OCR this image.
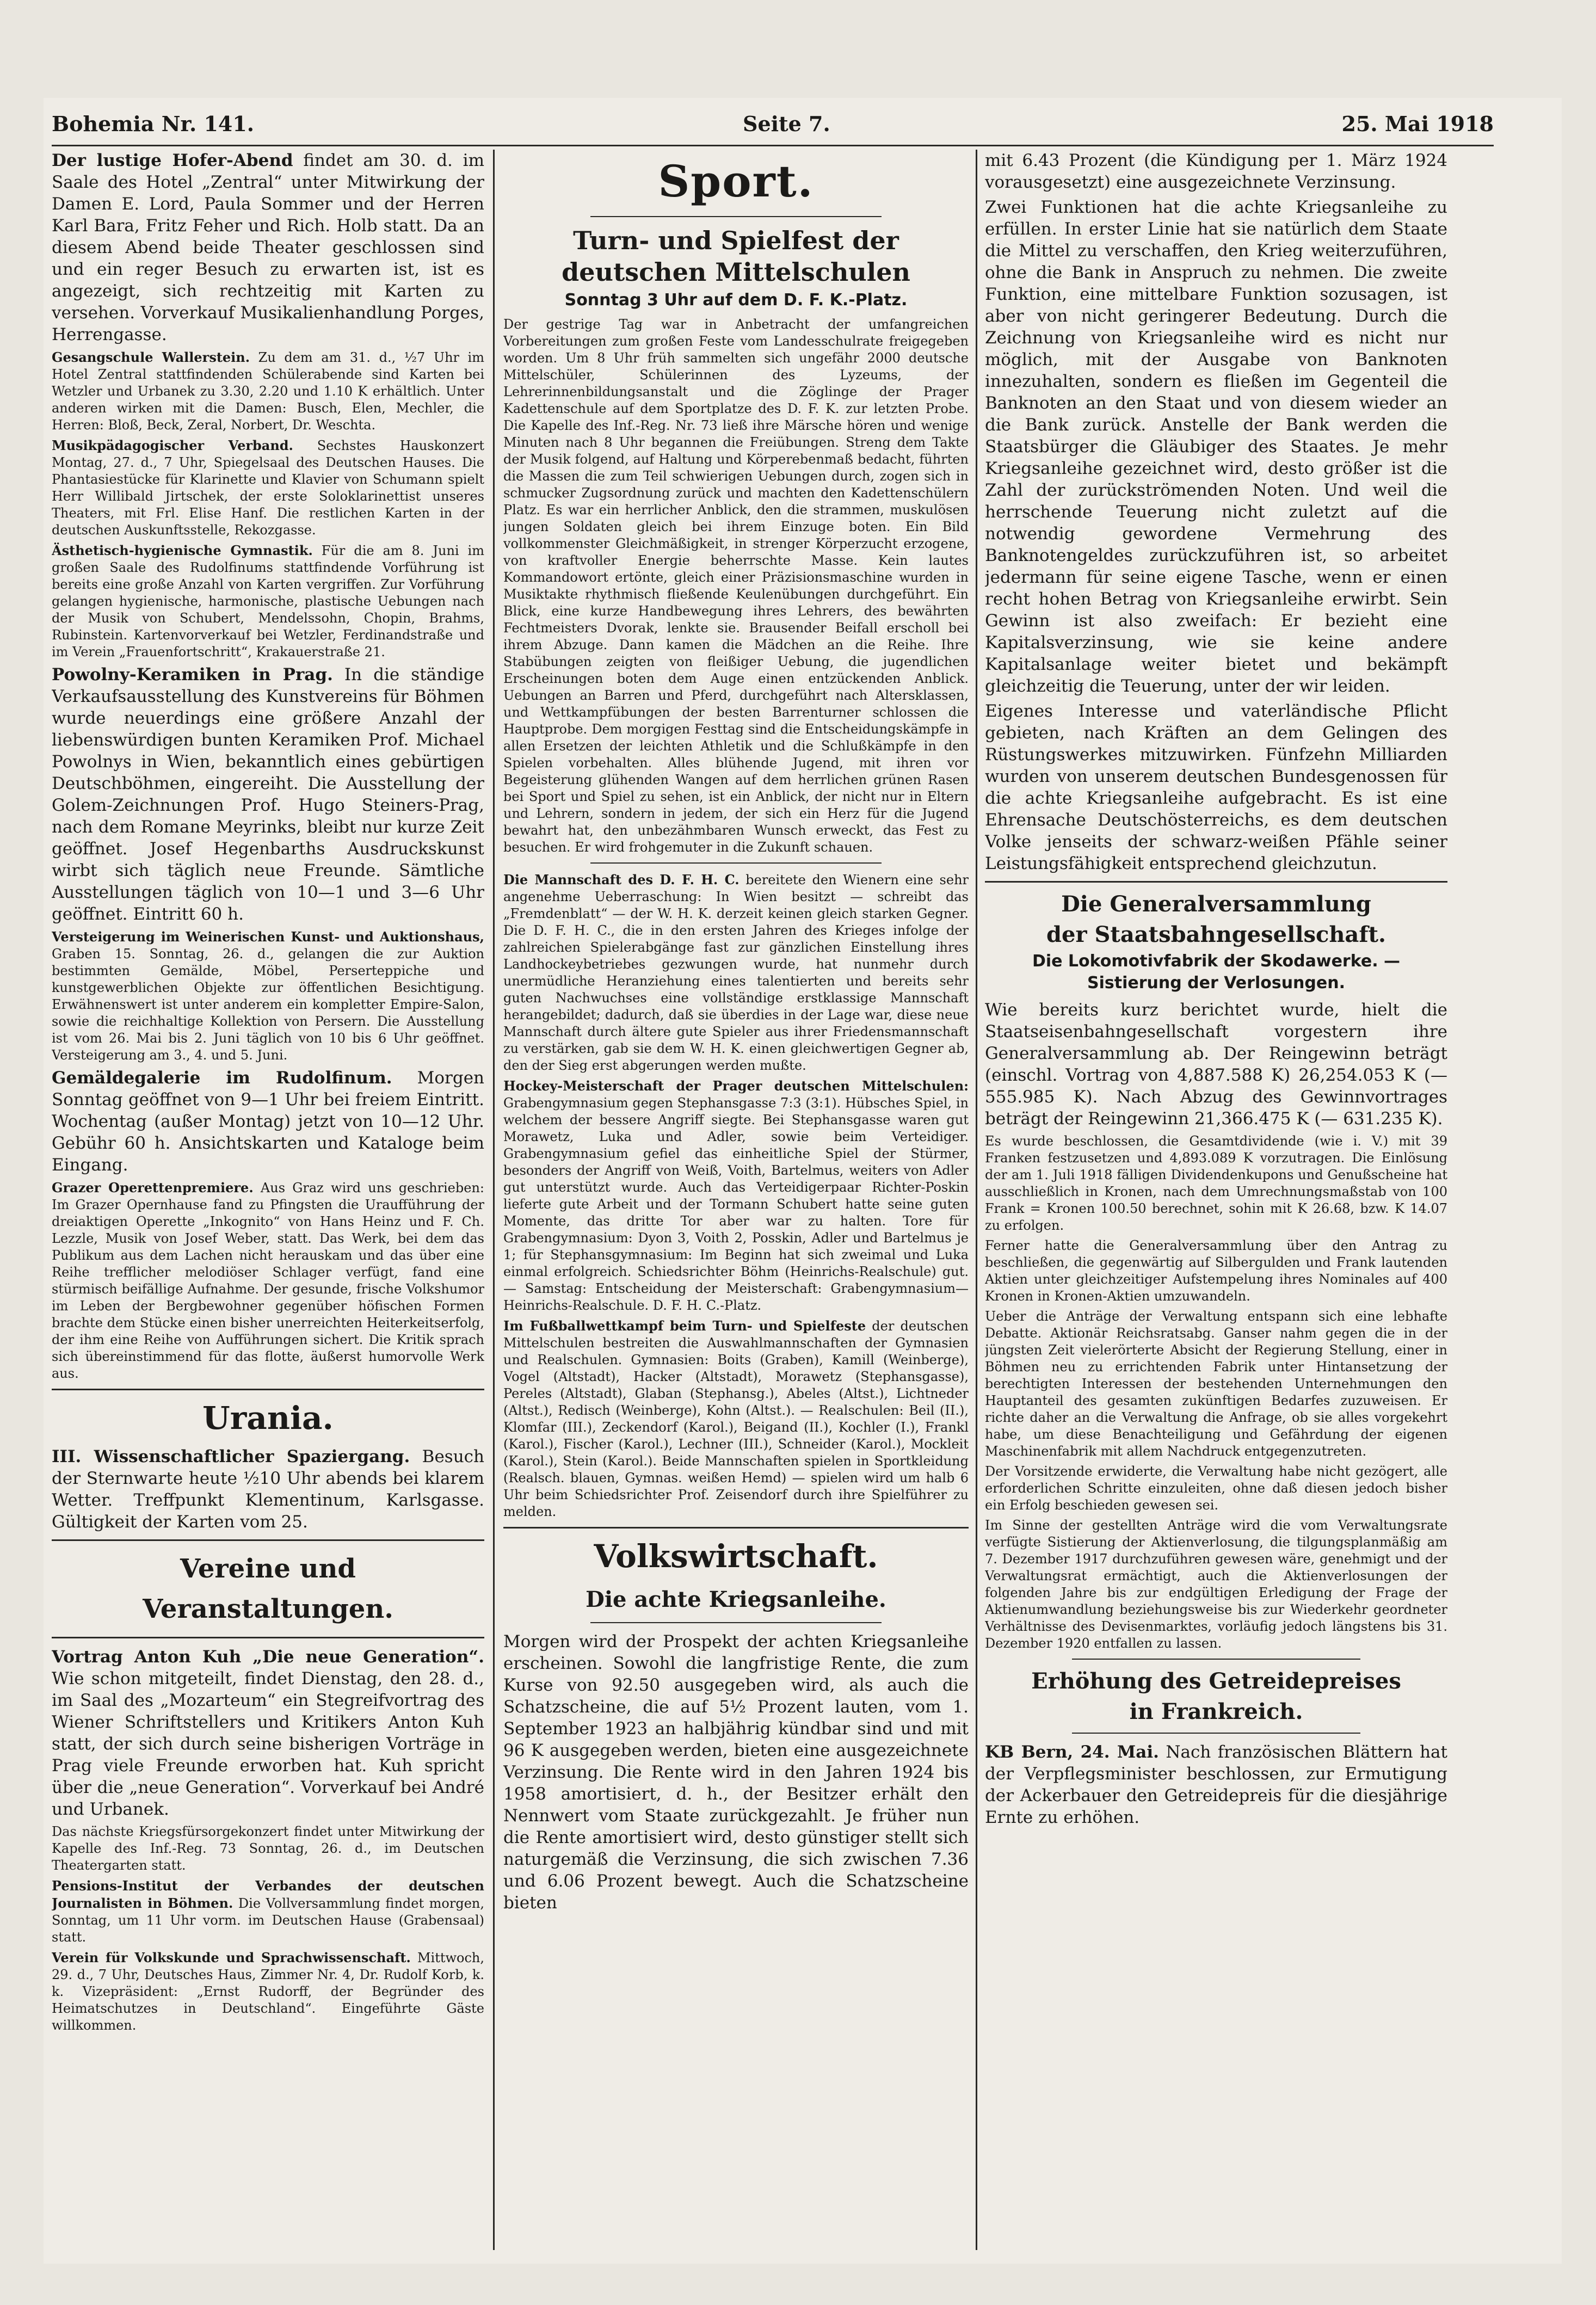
Bohemia Nr. 141.	Seite 7.	25. Mai 1918

Der lustige Hofer-Abend findet am 30. d. im Saale des Hotel „Zentral“ unter Mitwirkung der Damen E. Lord, Paula Sommer und der Herren Karl Bara, Fritz Feher und Rich. Holb statt. Da an diesem Abend beide Theater geschlossen sind und ein reger Besuch zu erwarten ist, ist es angezeigt, sich rechtzeitig mit Karten zu versehen. Vorverkauf Musikalienhandlung Porges, Herrengasse.

Gesangschule Wallerstein. Zu dem am 31. d., ½7 Uhr im Hotel Zentral stattfindenden Schülerabende sind Karten bei Wetzler und Urbanek zu 3.30, 2.20 und 1.10 K erhältlich. Unter anderen wirken mit die Damen: Busch, Elen, Mechler, die Herren: Bloß, Beck, Zeral, Norbert, Dr. Weschta.

Musikpädagogischer Verband. Sechstes Hauskonzert Montag, 27. d., 7 Uhr, Spiegelsaal des Deutschen Hauses. Die Phantasiestücke für Klarinette und Klavier von Schumann spielt Herr Willibald Jirtschek, der erste Soloklarinettist unseres Theaters, mit Frl. Elise Hanf. Die restlichen Karten in der deutschen Auskunftsstelle, Rekozgasse.

Ästhetisch-hygienische Gymnastik. Für die am 8. Juni im großen Saale des Rudolfinums stattfindende Vorführung ist bereits eine große Anzahl von Karten vergriffen. Zur Vorführung gelangen hygienische, harmonische, plastische Uebungen nach der Musik von Schubert, Mendelssohn, Chopin, Brahms, Rubinstein. Kartenvorverkauf bei Wetzler, Ferdinandstraße und im Verein „Frauenfortschritt“, Krakauerstraße 21.

Powolny-Keramiken in Prag. In die ständige Verkaufsausstellung des Kunstvereins für Böhmen wurde neuerdings eine größere Anzahl der liebenswürdigen bunten Keramiken Prof. Michael Powolnys in Wien, bekanntlich eines gebürtigen Deutschböhmen, eingereiht. Die Ausstellung der Golem-Zeichnungen Prof. Hugo Steiners-Prag, nach dem Romane Meyrinks, bleibt nur kurze Zeit geöffnet. Josef Hegenbarths Ausdruckskunst wirbt sich täglich neue Freunde. Sämtliche Ausstellungen täglich von 10—1 und 3—6 Uhr geöffnet. Eintritt 60 h.

Versteigerung im Weinerischen Kunst- und Auktionshaus, Graben 15. Sonntag, 26. d., gelangen die zur Auktion bestimmten Gemälde, Möbel, Perserteppiche und kunstgewerblichen Objekte zur öffentlichen Besichtigung. Erwähnenswert ist unter anderem ein kompletter Empire-Salon, sowie die reichhaltige Kollektion von Persern. Die Ausstellung ist vom 26. Mai bis 2. Juni täglich von 10 bis 6 Uhr geöffnet. Versteigerung am 3., 4. und 5. Juni.

Gemäldegalerie im Rudolfinum. Morgen Sonntag geöffnet von 9—1 Uhr bei freiem Eintritt. Wochentag (außer Montag) jetzt von 10—12 Uhr. Gebühr 60 h. Ansichtskarten und Kataloge beim Eingang.

Grazer Operettenpremiere. Aus Graz wird uns geschrieben: Im Grazer Opernhause fand zu Pfingsten die Uraufführung der dreiaktigen Operette „Inkognito“ von Hans Heinz und F. Ch. Lezzle, Musik von Josef Weber, statt. Das Werk, bei dem das Publikum aus dem Lachen nicht herauskam und das über eine Reihe trefflicher melodiöser Schlager verfügt, fand eine stürmisch beifällige Aufnahme. Der gesunde, frische Volkshumor im Leben der Bergbewohner gegenüber höfischen Formen brachte dem Stücke einen bisher unerreichten Heiterkeitserfolg, der ihm eine Reihe von Aufführungen sichert. Die Kritik sprach sich übereinstimmend für das flotte, äußerst humorvolle Werk aus.

Urania.

III. Wissenschaftlicher Spaziergang. Besuch der Sternwarte heute ½10 Uhr abends bei klarem Wetter. Treffpunkt Klementinum, Karlsgasse. Gültigkeit der Karten vom 25.

Vereine und Veranstaltungen.

Vortrag Anton Kuh „Die neue Generation“. Wie schon mitgeteilt, findet Dienstag, den 28. d., im Saal des „Mozarteum“ ein Stegreifvortrag des Wiener Schriftstellers und Kritikers Anton Kuh statt, der sich durch seine bisherigen Vorträge in Prag viele Freunde erworben hat. Kuh spricht über die „neue Generation“. Vorverkauf bei André und Urbanek.

Das nächste Kriegsfürsorgekonzert findet unter Mitwirkung der Kapelle des Inf.-Reg. 73 Sonntag, 26. d., im Deutschen Theatergarten statt.

Pensions-Institut der Verbandes der deutschen Journalisten in Böhmen. Die Vollversammlung findet morgen, Sonntag, um 11 Uhr vorm. im Deutschen Hause (Grabensaal) statt.

Verein für Volkskunde und Sprachwissenschaft. Mittwoch, 29. d., 7 Uhr, Deutsches Haus, Zimmer Nr. 4, Dr. Rudolf Korb, k. k. Vizepräsident: „Ernst Rudorff, der Begründer des Heimatschutzes in Deutschland“. Eingeführte Gäste willkommen.

Sport.
Turn- und Spielfest der deutschen Mittelschulen
Sonntag 3 Uhr auf dem D. F. K.-Platz.

Der gestrige Tag war in Anbetracht der umfangreichen Vorbereitungen zum großen Feste vom Landesschulrate freigegeben worden. Um 8 Uhr früh sammelten sich ungefähr 2000 deutsche Mittelschüler, Schülerinnen des Lyzeums, der Lehrerinnenbildungsanstalt und die Zöglinge der Prager Kadettenschule auf dem Sportplatze des D. F. K. zur letzten Probe. Die Kapelle des Inf.-Reg. Nr. 73 ließ ihre Märsche hören und wenige Minuten nach 8 Uhr begannen die Freiübungen. Streng dem Takte der Musik folgend, auf Haltung und Körperebenmaß bedacht, führten die Massen die zum Teil schwierigen Uebungen durch, zogen sich in schmucker Zugsordnung zurück und machten den Kadettenschülern Platz. Es war ein herrlicher Anblick, den die strammen, muskulösen jungen Soldaten gleich bei ihrem Einzuge boten. Ein Bild vollkommenster Gleichmäßigkeit, in strenger Körperzucht erzogene, von kraftvoller Energie beherrschte Masse. Kein lautes Kommandowort ertönte, gleich einer Präzisionsmaschine wurden in Musiktakte rhythmisch fließende Keulenübungen durchgeführt. Ein Blick, eine kurze Handbewegung ihres Lehrers, des bewährten Fechtmeisters Dvorak, lenkte sie. Brausender Beifall erscholl bei ihrem Abzuge. Dann kamen die Mädchen an die Reihe. Ihre Stabübungen zeigten von fleißiger Uebung, die jugendlichen Erscheinungen boten dem Auge einen entzückenden Anblick. Uebungen an Barren und Pferd, durchgeführt nach Altersklassen, und Wettkampfübungen der besten Barrenturner schlossen die Hauptprobe. Dem morgigen Festtag sind die Entscheidungskämpfe in allen Ersetzen der leichten Athletik und die Schlußkämpfe in den Spielen vorbehalten. Alles blühende Jugend, mit ihren vor Begeisterung glühenden Wangen auf dem herrlichen grünen Rasen bei Sport und Spiel zu sehen, ist ein Anblick, der nicht nur in Eltern und Lehrern, sondern in jedem, der sich ein Herz für die Jugend bewahrt hat, den unbezähmbaren Wunsch erweckt, das Fest zu besuchen. Er wird frohgemuter in die Zukunft schauen.

Die Mannschaft des D. F. H. C. bereitete den Wienern eine sehr angenehme Ueberraschung: In Wien besitzt — schreibt das „Fremdenblatt“ — der W. H. K. derzeit keinen gleich starken Gegner. Die D. F. H. C., die in den ersten Jahren des Krieges infolge der zahlreichen Spielerabgänge fast zur gänzlichen Einstellung ihres Landhockeybetriebes gezwungen wurde, hat nunmehr durch unermüdliche Heranziehung eines talentierten und bereits sehr guten Nachwuchses eine vollständige erstklassige Mannschaft herangebildet; dadurch, daß sie überdies in der Lage war, diese neue Mannschaft durch ältere gute Spieler aus ihrer Friedensmannschaft zu verstärken, gab sie dem W. H. K. einen gleichwertigen Gegner ab, den der Sieg erst abgerungen werden mußte.

Hockey-Meisterschaft der Prager deutschen Mittelschulen: Grabengymnasium gegen Stephansgasse 7:3 (3:1). Hübsches Spiel, in welchem der bessere Angriff siegte. Bei Stephansgasse waren gut Morawetz, Luka und Adler, sowie beim Verteidiger. Grabengymnasium gefiel das einheitliche Spiel der Stürmer, besonders der Angriff von Weiß, Voith, Bartelmus, weiters von Adler gut unterstützt wurde. Auch das Verteidigerpaar Richter-Poskin lieferte gute Arbeit und der Tormann Schubert hatte seine guten Momente, das dritte Tor aber war zu halten. Tore für Grabengymnasium: Dyon 3, Voith 2, Posskin, Adler und Bartelmus je 1; für Stephansgymnasium: Im Beginn hat sich zweimal und Luka einmal erfolgreich. Schiedsrichter Böhm (Heinrichs-Realschule) gut. — Samstag: Entscheidung der Meisterschaft: Grabengymnasium—Heinrichs-Realschule. D. F. H. C.-Platz.

Im Fußballwettkampf beim Turn- und Spielfeste der deutschen Mittelschulen bestreiten die Auswahlmannschaften der Gymnasien und Realschulen. Gymnasien: Boits (Graben), Kamill (Weinberge), Vogel (Altstadt), Hacker (Altstadt), Morawetz (Stephansgasse), Pereles (Altstadt), Glaban (Stephansg.), Abeles (Altst.), Lichtneder (Altst.), Redisch (Weinberge), Kohn (Altst.). — Realschulen: Beil (II.), Klomfar (III.), Zeckendorf (Karol.), Beigand (II.), Kochler (I.), Frankl (Karol.), Fischer (Karol.), Lechner (III.), Schneider (Karol.), Mockleit (Karol.), Stein (Karol.). Beide Mannschaften spielen in Sportkleidung (Realsch. blauen, Gymnas. weißen Hemd) — spielen wird um halb 6 Uhr beim Schiedsrichter Prof. Zeisendorf durch ihre Spielführer zu melden.

Volkswirtschaft.
Die achte Kriegsanleihe.

Morgen wird der Prospekt der achten Kriegsanleihe erscheinen. Sowohl die langfristige Rente, die zum Kurse von 92.50 ausgegeben wird, als auch die Schatzscheine, die auf 5½ Prozent lauten, vom 1. September 1923 an halbjährig kündbar sind und mit 96 K ausgegeben werden, bieten eine ausgezeichnete Verzinsung. Die Rente wird in den Jahren 1924 bis 1958 amortisiert, d. h., der Besitzer erhält den Nennwert vom Staate zurückgezahlt. Je früher nun die Rente amortisiert wird, desto günstiger stellt sich naturgemäß die Verzinsung, die sich zwischen 7.36 und 6.06 Prozent bewegt. Auch die Schatzscheine bieten

mit 6.43 Prozent (die Kündigung per 1. März 1924 vorausgesetzt) eine ausgezeichnete Verzinsung.

Zwei Funktionen hat die achte Kriegsanleihe zu erfüllen. In erster Linie hat sie natürlich dem Staate die Mittel zu verschaffen, den Krieg weiterzuführen, ohne die Bank in Anspruch zu nehmen. Die zweite Funktion, eine mittelbare Funktion sozusagen, ist aber von nicht geringerer Bedeutung. Durch die Zeichnung von Kriegsanleihe wird es nicht nur möglich, mit der Ausgabe von Banknoten innezuhalten, sondern es fließen im Gegenteil die Banknoten an den Staat und von diesem wieder an die Bank zurück. Anstelle der Bank werden die Staatsbürger die Gläubiger des Staates. Je mehr Kriegsanleihe gezeichnet wird, desto größer ist die Zahl der zurückströmenden Noten. Und weil die herrschende Teuerung nicht zuletzt auf die notwendig gewordene Vermehrung des Banknotengeldes zurückzuführen ist, so arbeitet jedermann für seine eigene Tasche, wenn er einen recht hohen Betrag von Kriegsanleihe erwirbt. Sein Gewinn ist also zweifach: Er bezieht eine Kapitalsverzinsung, wie sie keine andere Kapitalsanlage weiter bietet und bekämpft gleichzeitig die Teuerung, unter der wir leiden.

Eigenes Interesse und vaterländische Pflicht gebieten, nach Kräften an dem Gelingen des Rüstungswerkes mitzuwirken. Fünfzehn Milliarden wurden von unserem deutschen Bundesgenossen für die achte Kriegsanleihe aufgebracht. Es ist eine Ehrensache Deutschösterreichs, es dem deutschen Volke jenseits der schwarz-weißen Pfähle seiner Leistungsfähigkeit entsprechend gleichzutun.

Die Generalversammlung
der Staatsbahngesellschaft.
Die Lokomotivfabrik der Skodawerke. —
Sistierung der Verlosungen.

Wie bereits kurz berichtet wurde, hielt die Staatseisenbahngesellschaft vorgestern ihre Generalversammlung ab. Der Reingewinn beträgt (einschl. Vortrag von 4,887.588 K) 26,254.053 K (— 555.985 K). Nach Abzug des Gewinnvortrages beträgt der Reingewinn 21,366.475 K (— 631.235 K).

Es wurde beschlossen, die Gesamtdividende (wie i. V.) mit 39 Franken festzusetzen und 4,893.089 K vorzutragen. Die Einlösung der am 1. Juli 1918 fälligen Dividendenkupons und Genußscheine hat ausschließlich in Kronen, nach dem Umrechnungsmaßstab von 100 Frank = Kronen 100.50 berechnet, sohin mit K 26.68, bzw. K 14.07 zu erfolgen.

Ferner hatte die Generalversammlung über den Antrag zu beschließen, die gegenwärtig auf Silbergulden und Frank lautenden Aktien unter gleichzeitiger Aufstempelung ihres Nominales auf 400 Kronen in Kronen-Aktien umzuwandeln.

Ueber die Anträge der Verwaltung entspann sich eine lebhafte Debatte. Aktionär Reichsratsabg. Ganser nahm gegen die in der jüngsten Zeit vielerörterte Absicht der Regierung Stellung, einer in Böhmen neu zu errichtenden Fabrik unter Hintansetzung der berechtigten Interessen der bestehenden Unternehmungen den Hauptanteil des gesamten zukünftigen Bedarfes zuzuweisen. Er richte daher an die Verwaltung die Anfrage, ob sie alles vorgekehrt habe, um diese Benachteiligung und Gefährdung der eigenen Maschinenfabrik mit allem Nachdruck entgegenzutreten.

Der Vorsitzende erwiderte, die Verwaltung habe nicht gezögert, alle erforderlichen Schritte einzuleiten, ohne daß diesen jedoch bisher ein Erfolg beschieden gewesen sei.

Im Sinne der gestellten Anträge wird die vom Verwaltungsrate verfügte Sistierung der Aktienverlosung, die tilgungsplanmäßig am 7. Dezember 1917 durchzuführen gewesen wäre, genehmigt und der Verwaltungsrat ermächtigt, auch die Aktienverlosungen der folgenden Jahre bis zur endgültigen Erledigung der Frage der Aktienumwandlung beziehungsweise bis zur Wiederkehr geordneter Verhältnisse des Devisenmarktes, vorläufig jedoch längstens bis 31. Dezember 1920 entfallen zu lassen.

Erhöhung des Getreidepreises
in Frankreich.

KB Bern, 24. Mai. Nach französischen Blättern hat der Verpflegsminister beschlossen, zur Ermutigung der Ackerbauer den Getreidepreis für die diesjährige Ernte zu erhöhen.
